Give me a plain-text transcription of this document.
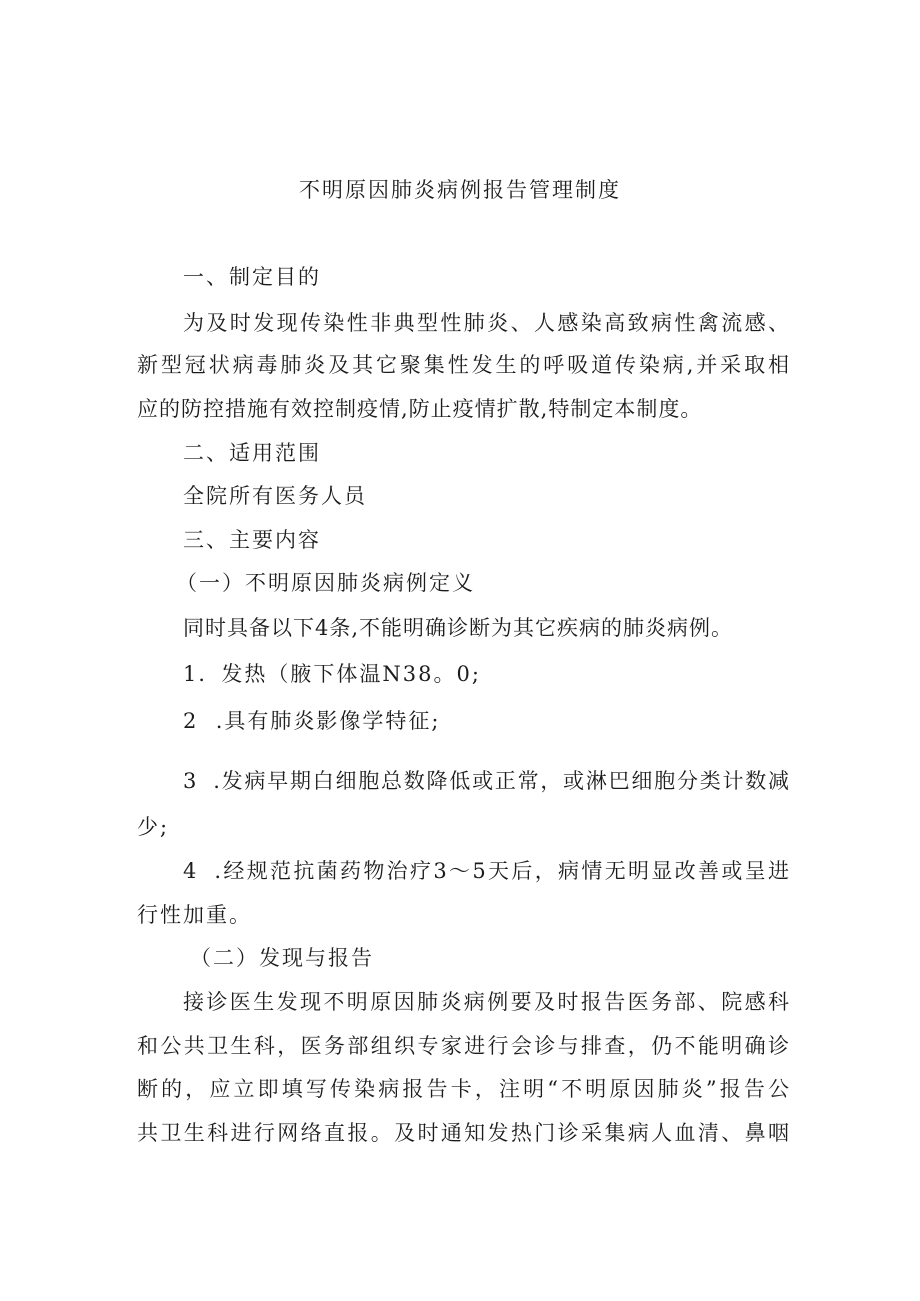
不明原因肺炎病例报告管理制度
一、制定目的
为及时发现传染性非典型性肺炎、人感染高致病性禽流感、
新型冠状病毒肺炎及其它聚集性发生的呼吸道传染病,并采取相
应的防控措施有效控制疫情,防止疫情扩散,特制定本制度。
二、适用范围
全院所有医务人员
三、主要内容
（一）不明原因肺炎病例定义
同时具备以下4条,不能明确诊断为其它疾病的肺炎病例。
1．发热（腋下体温N38。0;
2  .具有肺炎影像学特征;
3  .发病早期白细胞总数降低或正常，或淋巴细胞分类计数减
少;
4  .经规范抗菌药物治疗3～5天后，病情无明显改善或呈进
行性加重。
（二）发现与报告
接诊医生发现不明原因肺炎病例要及时报告医务部、院感科
和公共卫生科，医务部组织专家进行会诊与排查，仍不能明确诊
断的，应立即填写传染病报告卡，注明“不明原因肺炎”报告公
共卫生科进行网络直报。及时通知发热门诊采集病人血清、鼻咽
